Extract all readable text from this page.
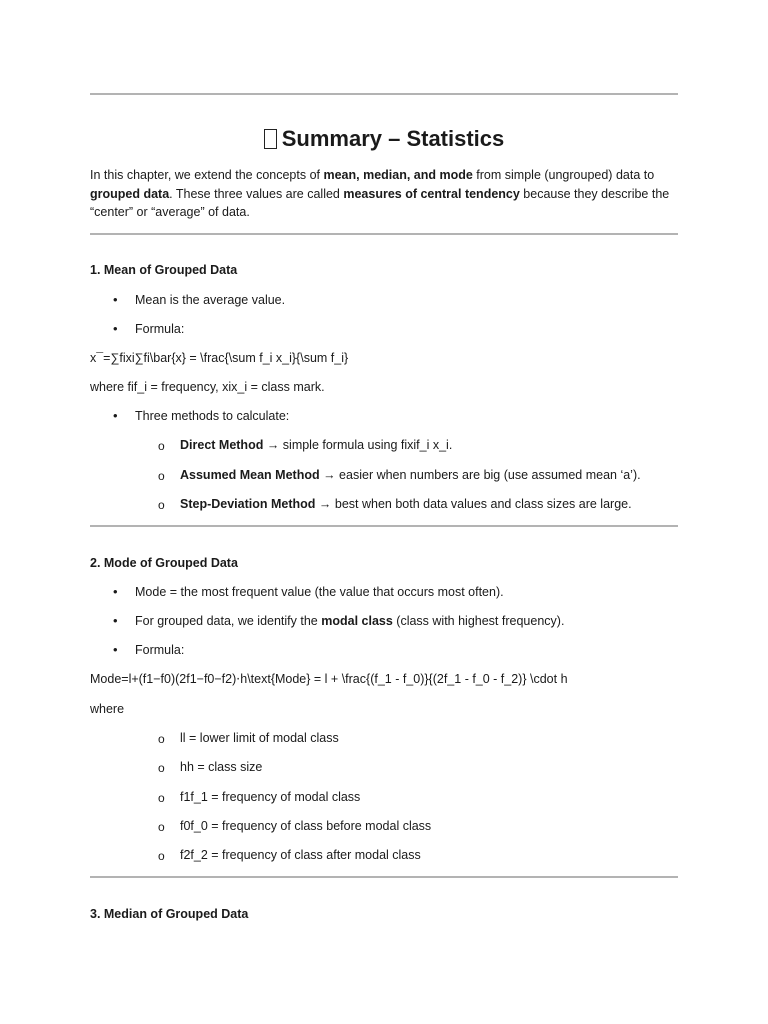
Summary – Statistics
In this chapter, we extend the concepts of mean, median, and mode from simple (ungrouped) data to grouped data. These three values are called measures of central tendency because they describe the “center” or “average” of data.
1. Mean of Grouped Data
• Mean is the average value.
• Formula:
x¯=∑fixi∑fi\bar{x} = \frac{\sum f_i x_i}{\sum f_i}
where fif_i = frequency, xix_i = class mark.
• Three methods to calculate:
o Direct Method → simple formula using fixif_i x_i.
o Assumed Mean Method → easier when numbers are big (use assumed mean ‘a’).
o Step-Deviation Method → best when both data values and class sizes are large.
2. Mode of Grouped Data
• Mode = the most frequent value (the value that occurs most often).
• For grouped data, we identify the modal class (class with highest frequency).
• Formula:
Mode=l+(f1−f0)(2f1−f0−f2)⋅h\text{Mode} = l + \frac{(f_1 - f_0)}{(2f_1 - f_0 - f_2)} \cdot h
where
o ll = lower limit of modal class
o hh = class size
o f1f_1 = frequency of modal class
o f0f_0 = frequency of class before modal class
o f2f_2 = frequency of class after modal class
3. Median of Grouped Data
